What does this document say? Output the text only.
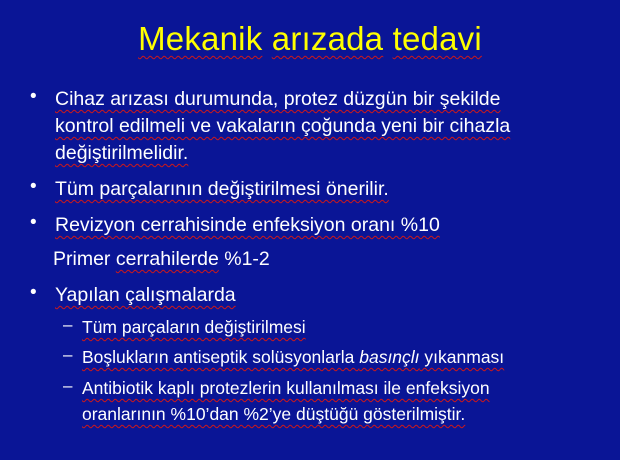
Mekanik arızada tedavi
• Cihaz arızası durumunda, protez düzgün bir şekilde
kontrol edilmeli ve vakaların çoğunda yeni bir cihazla
değiştirilmelidir.
• Tüm parçalarının değiştirilmesi önerilir.
• Revizyon cerrahisinde enfeksiyon oranı %10
Primer cerrahilerde %1-2
• Yapılan çalışmalarda
– Tüm parçaların değiştirilmesi
– Boşlukların antiseptik solüsyonlarla basınçlı yıkanması
– Antibiotik kaplı protezlerin kullanılması ile enfeksiyon
oranlarının %10’dan %2’ye düştüğü gösterilmiştir.
